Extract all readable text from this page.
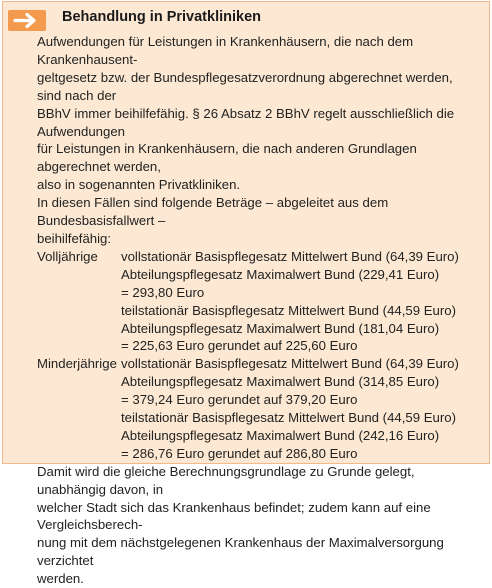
Behandlung in Privatkliniken
Aufwendungen für Leistungen in Krankenhäusern, die nach dem Krankenhausent-
geltgesetz bzw. der Bundespflegesatzverordnung abgerechnet werden, sind nach der
BBhV immer beihilfefähig. § 26 Absatz 2 BBhV regelt ausschließlich die Aufwendungen
für Leistungen in Krankenhäusern, die nach anderen Grundlagen abgerechnet werden,
also in sogenannten Privatkliniken.
In diesen Fällen sind folgende Beträge – abgeleitet aus dem Bundesbasisfallwert –
beihilfefähig:
Volljährige	vollstationär Basispflegesatz Mittelwert Bund (64,39 Euro)
Abteilungspflegesatz Maximalwert Bund (229,41 Euro)
= 293,80 Euro
teilstationär Basispflegesatz Mittelwert Bund (44,59 Euro)
Abteilungspflegesatz Maximalwert Bund (181,04 Euro)
= 225,63 Euro gerundet auf 225,60 Euro
Minderjährige vollstationär Basispflegesatz Mittelwert Bund (64,39 Euro)
Abteilungspflegesatz Maximalwert Bund (314,85 Euro)
= 379,24 Euro gerundet auf 379,20 Euro
teilstationär Basispflegesatz Mittelwert Bund (44,59 Euro)
Abteilungspflegesatz Maximalwert Bund (242,16 Euro)
= 286,76 Euro gerundet auf 286,80 Euro
Damit wird die gleiche Berechnungsgrundlage zu Grunde gelegt, unabhängig davon, in
welcher Stadt sich das Krankenhaus befindet; zudem kann auf eine Vergleichsberech-
nung mit dem nächstgelegenen Krankenhaus der Maximalversorgung verzichtet
werden.
